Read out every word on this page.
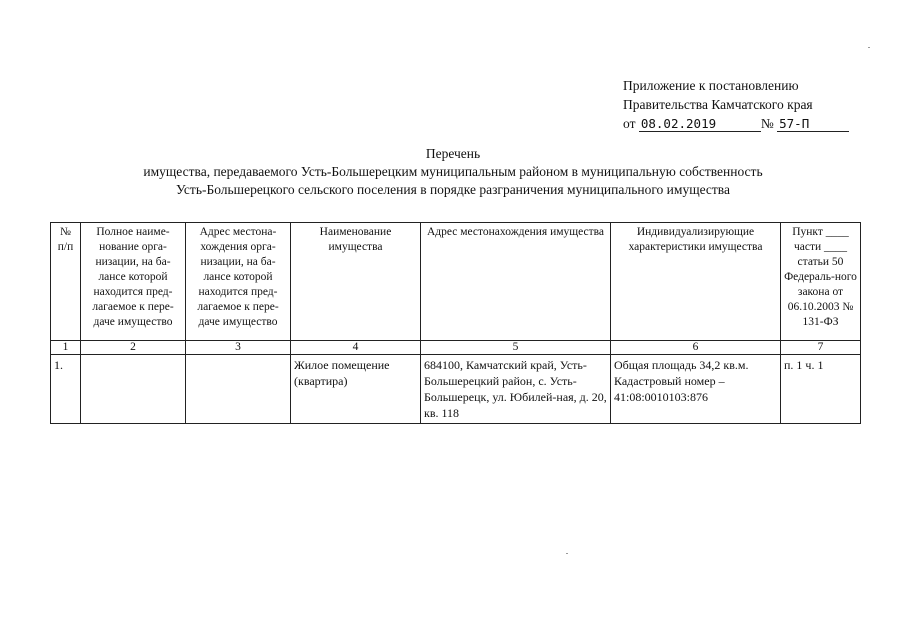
Приложение к постановлению
Правительства Камчатского края
от 08.02.2019	№ 57-П
Перечень
имущества, передаваемого Усть-Большерецким муниципальным районом в муниципальную собственность
Усть-Большерецкого сельского поселения в порядке разграничения муниципального имущества
№ п/п	Полное наиме-нование орга-низации, на ба-лансе которой находится пред-лагаемое к пере-даче имущество	Адрес местона-хождения орга-низации, на ба-лансе которой находится пред-лагаемое к пере-даче имущество	Наименование имущества	Адрес местонахождения имущества	Индивидуализирующие характеристики имущества	Пункт ____ части ____ статьи 50 Федераль-ного закона от 06.10.2003 № 131-ФЗ
1	2	3	4	5	6	7
1.			Жилое помещение (квартира)	684100, Камчатский край, Усть-Большерецкий район, с. Усть-Большерецк, ул. Юбилей-ная, д. 20, кв. 118	Общая площадь 34,2 кв.м. Кадастровый номер – 41:08:0010103:876	п. 1 ч. 1
